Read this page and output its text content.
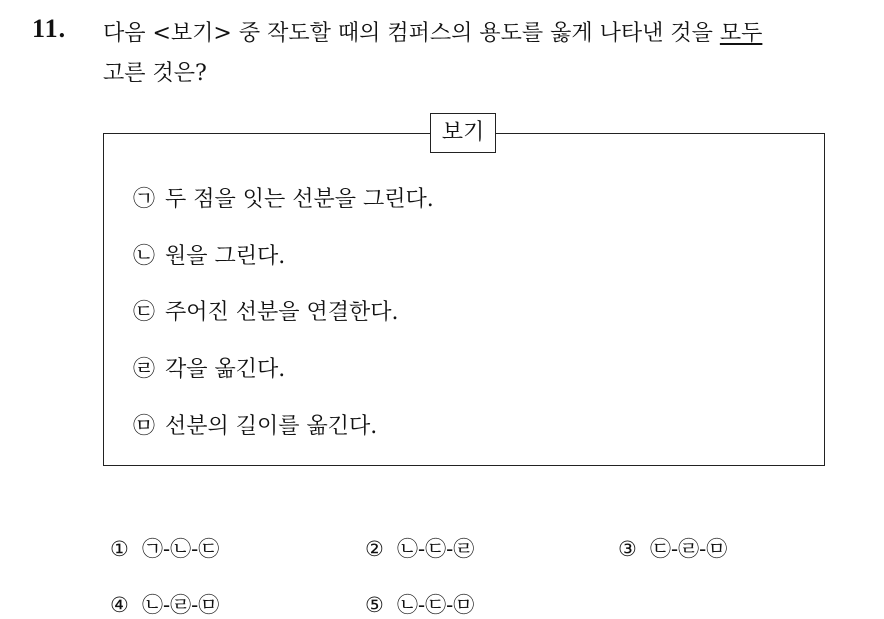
11. 다음 <보기> 중 작도할 때의 컴퍼스의 용도를 옳게 나타낸 것을 모두
고른 것은?
보기
㉠ 두 점을 잇는 선분을 그린다.
㉡ 원을 그린다.
㉢ 주어진 선분을 연결한다.
㉣ 각을 옮긴다.
㉤ 선분의 길이를 옮긴다.
① ㉠-㉡-㉢	② ㉡-㉢-㉣	③ ㉢-㉣-㉤
④ ㉡-㉣-㉤	⑤ ㉡-㉢-㉤
